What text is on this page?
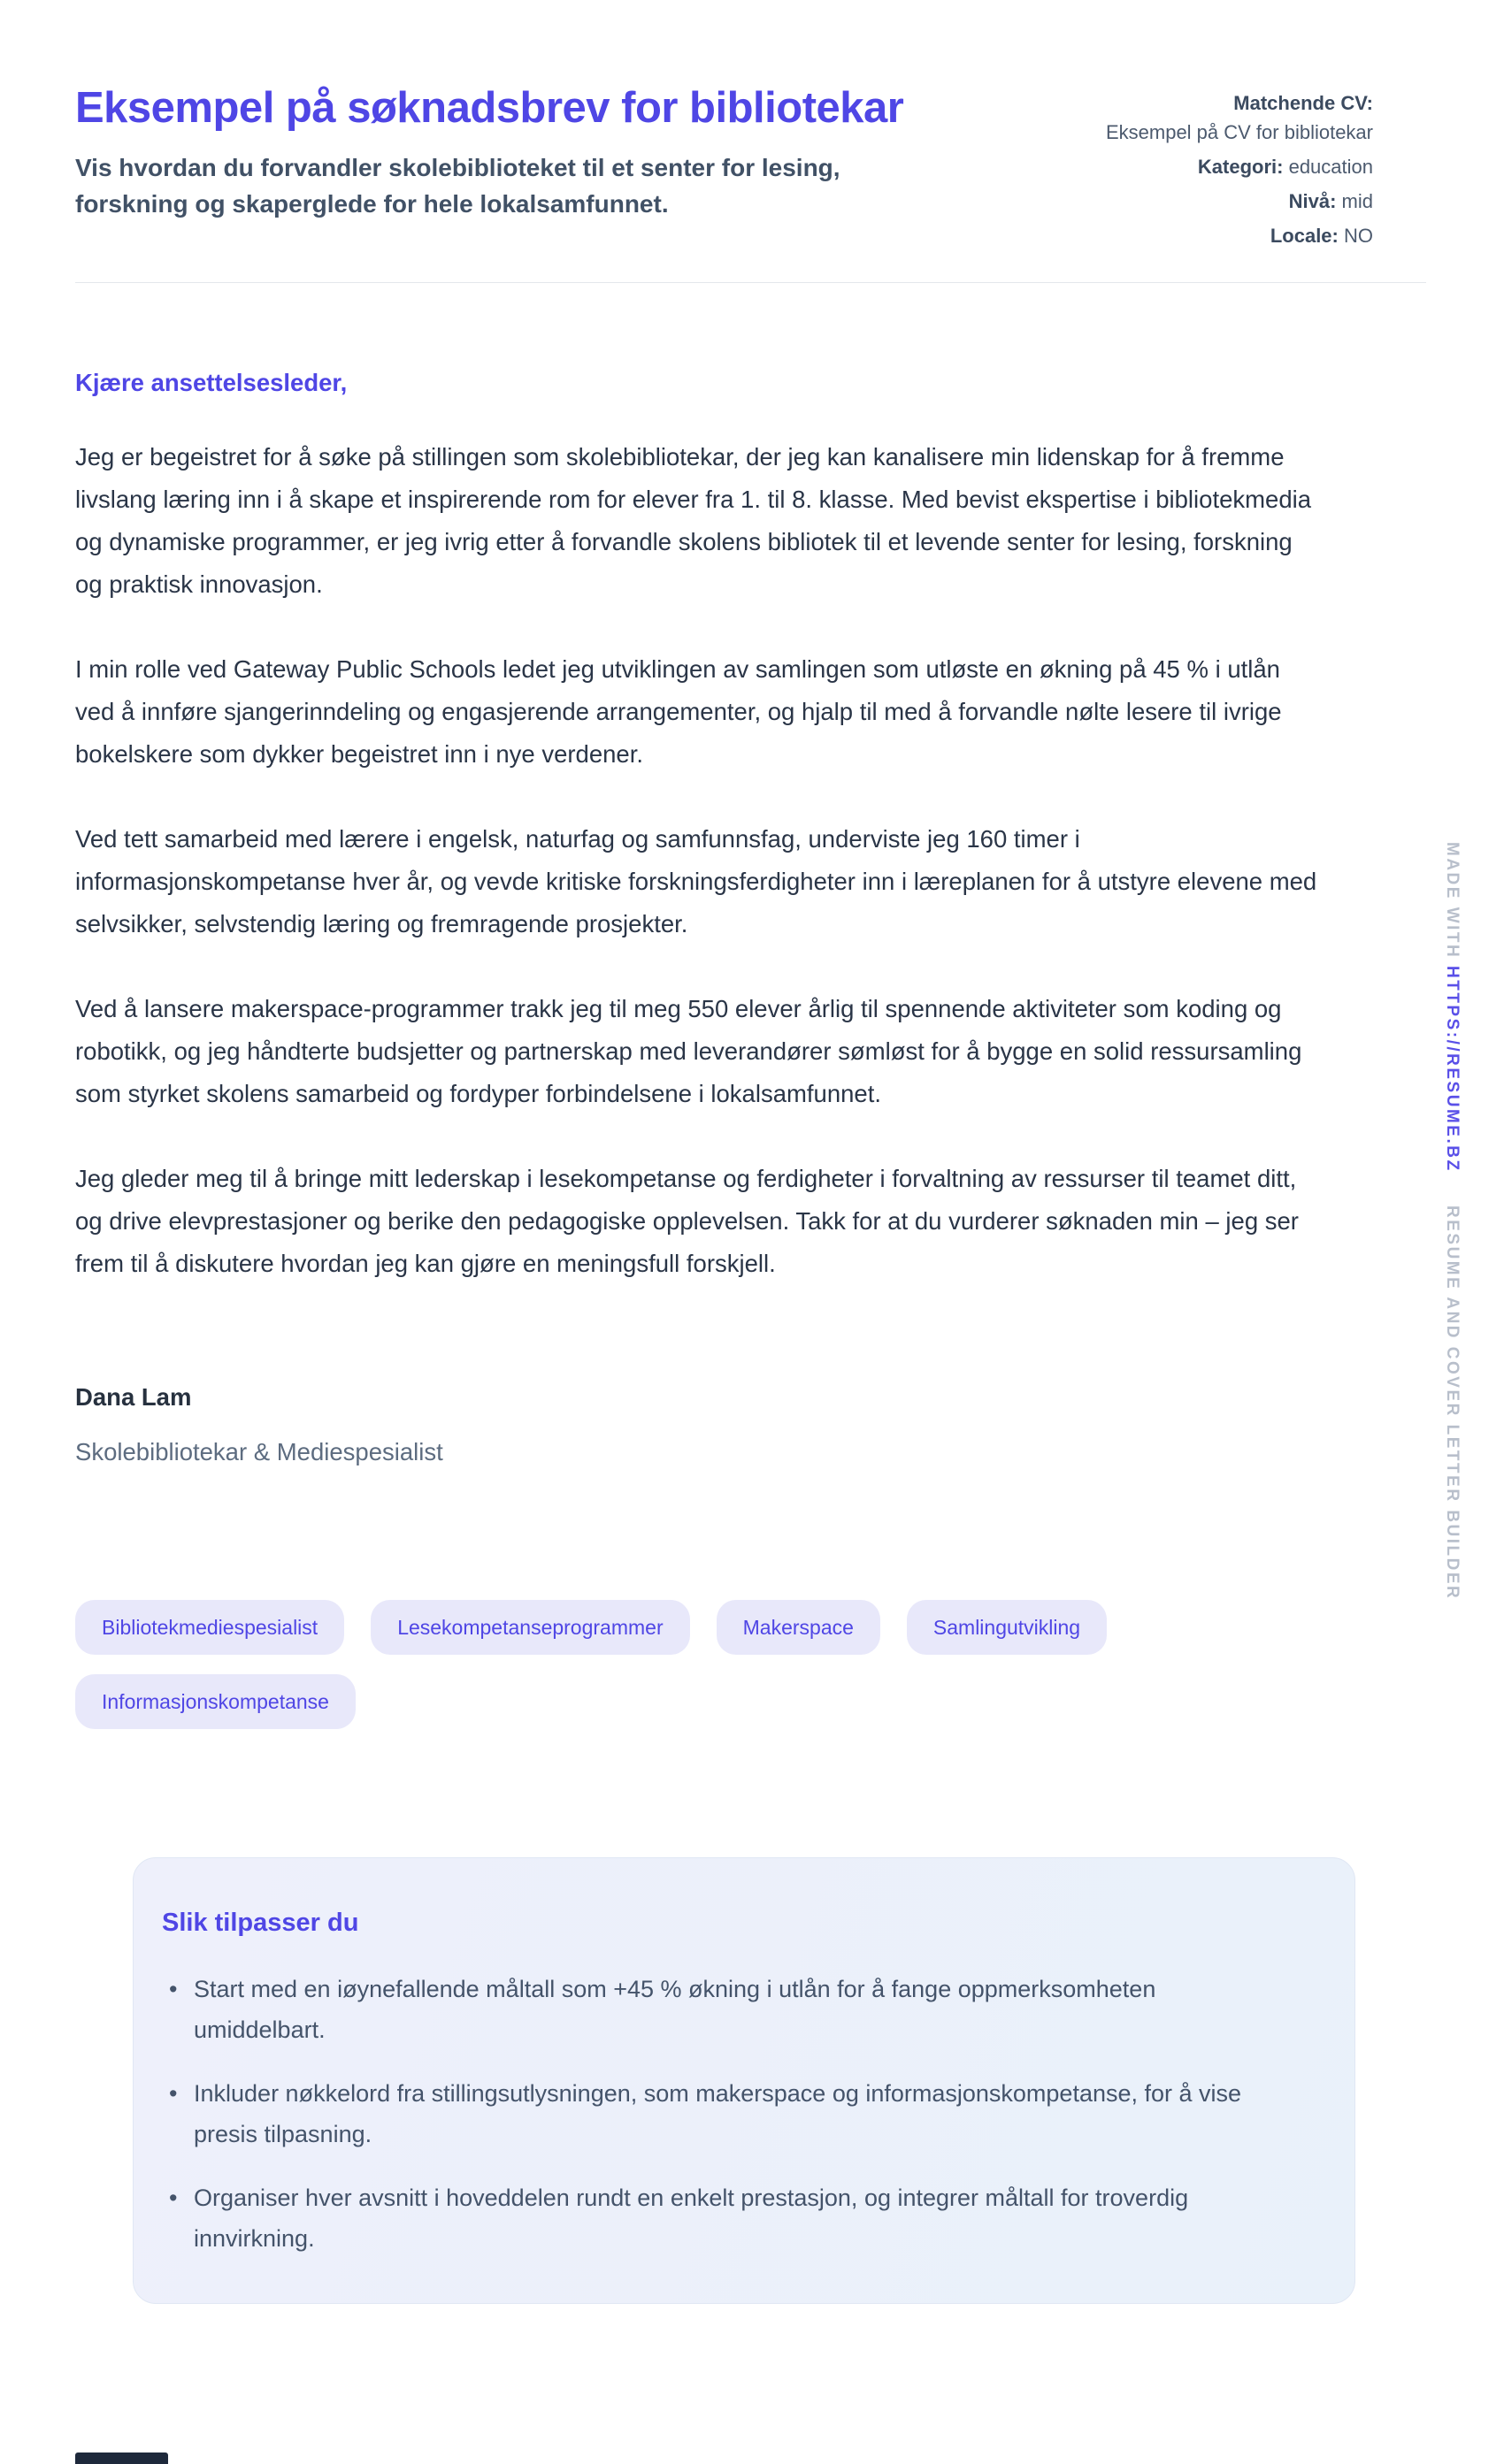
Eksempel på søknadsbrev for bibliotekar
Vis hvordan du forvandler skolebiblioteket til et senter for lesing, forskning og skaperglede for hele lokalsamfunnet.
Matchende CV:
Eksempel på CV for bibliotekar
Kategori: education
Nivå: mid
Locale: NO
Kjære ansettelsesleder,

Jeg er begeistret for å søke på stillingen som skolebibliotekar, der jeg kan kanalisere min lidenskap for å fremme livslang læring inn i å skape et inspirerende rom for elever fra 1. til 8. klasse. Med bevist ekspertise i bibliotekmedia og dynamiske programmer, er jeg ivrig etter å forvandle skolens bibliotek til et levende senter for lesing, forskning og praktisk innovasjon.

I min rolle ved Gateway Public Schools ledet jeg utviklingen av samlingen som utløste en økning på 45 % i utlån ved å innføre sjangerinndeling og engasjerende arrangementer, og hjalp til med å forvandle nølte lesere til ivrige bokelskere som dykker begeistret inn i nye verdener.

Ved tett samarbeid med lærere i engelsk, naturfag og samfunnsfag, underviste jeg 160 timer i informasjonskompetanse hver år, og vevde kritiske forskningsferdigheter inn i læreplanen for å utstyre elevene med selvsikker, selvstendig læring og fremragende prosjekter.

Ved å lansere makerspace-programmer trakk jeg til meg 550 elever årlig til spennende aktiviteter som koding og robotikk, og jeg håndterte budsjetter og partnerskap med leverandører sømløst for å bygge en solid ressursamling som styrket skolens samarbeid og fordyper forbindelsene i lokalsamfunnet.

Jeg gleder meg til å bringe mitt lederskap i lesekompetanse og ferdigheter i forvaltning av ressurser til teamet ditt, og drive elevprestasjoner og berike den pedagogiske opplevelsen. Takk for at du vurderer søknaden min – jeg ser frem til å diskutere hvordan jeg kan gjøre en meningsfull forskjell.

Dana Lam
Skolebibliotekar & Mediespesialist
Bibliotekmediespesialist	Lesekompetanseprogrammer	Makerspace	Samlingutvikling
Informasjonskompetanse
Slik tilpasser du
• Start med en iøynefallende måltall som +45 % økning i utlån for å fange oppmerksomheten umiddelbart.
• Inkluder nøkkelord fra stillingsutlysningen, som makerspace og informasjonskompetanse, for å vise presis tilpasning.
• Organiser hver avsnitt i hoveddelen rundt en enkelt prestasjon, og integrer måltall for troverdig innvirkning.
MADE WITH HTTPS://RESUME.BZ RESUME AND COVER LETTER BUILDER
